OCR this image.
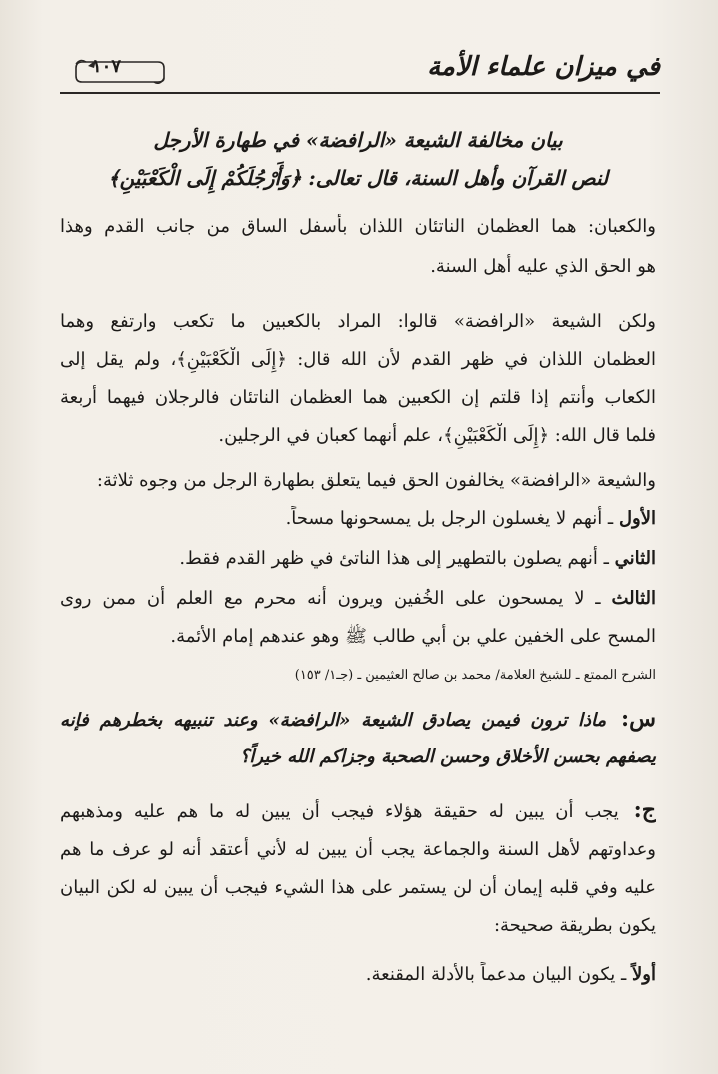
في ميزان علماء الأمة
١٠٧
بيان مخالفة الشيعة «الرافضة» في طهارة الأرجل
لنص القرآن وأهل السنة، قال تعالى: ﴿وَأَرْجُلَكُمْ إِلَى الْكَعْبَيْنِ﴾
والكعبان: هما العظمان الناتئان اللذان بأسفل الساق من جانب القدم وهذا
هو الحق الذي عليه أهل السنة.
ولكن الشيعة «الرافضة» قالوا: المراد بالكعبين ما تكعب وارتفع وهما
العظمان اللذان في ظهر القدم لأن الله قال: ﴿إِلَى الْكَعْبَيْنِ﴾، ولم يقل إلى
الكعاب وأنتم إذا قلتم إن الكعبين هما العظمان الناتئان فالرجلان فيهما أربعة
فلما قال الله: ﴿إِلَى الْكَعْبَيْنِ﴾، علم أنهما كعبان في الرجلين.
والشيعة «الرافضة» يخالفون الحق فيما يتعلق بطهارة الرجل من وجوه ثلاثة:
الأول ـ أنهم لا يغسلون الرجل بل يمسحونها مسحاً.
الثاني ـ أنهم يصلون بالتطهير إلى هذا الناتئ في ظهر القدم فقط.
الثالث ـ لا يمسحون على الخُفين ويرون أنه محرم مع العلم أن ممن روى
المسح على الخفين علي بن أبي طالب ﷺ وهو عندهم إمام الأئمة.
الشرح الممتع ـ للشيخ العلامة/ محمد بن صالح العثيمين ـ (جـ١/ ١٥٣)
س: ماذا ترون فيمن يصادق الشيعة «الرافضة» وعند تنبيهه بخطرهم فإنه
يصفهم بحسن الأخلاق وحسن الصحبة وجزاكم الله خيراً؟
ج: يجب أن يبين له حقيقة هؤلاء فيجب أن يبين له ما هم عليه ومذهبهم
وعداوتهم لأهل السنة والجماعة يجب أن يبين له لأني أعتقد أنه لو عرف ما هم
عليه وفي قلبه إيمان أن لن يستمر على هذا الشيء فيجب أن يبين له لكن البيان
يكون بطريقة صحيحة:
أولاً ـ يكون البيان مدعماً بالأدلة المقنعة.
